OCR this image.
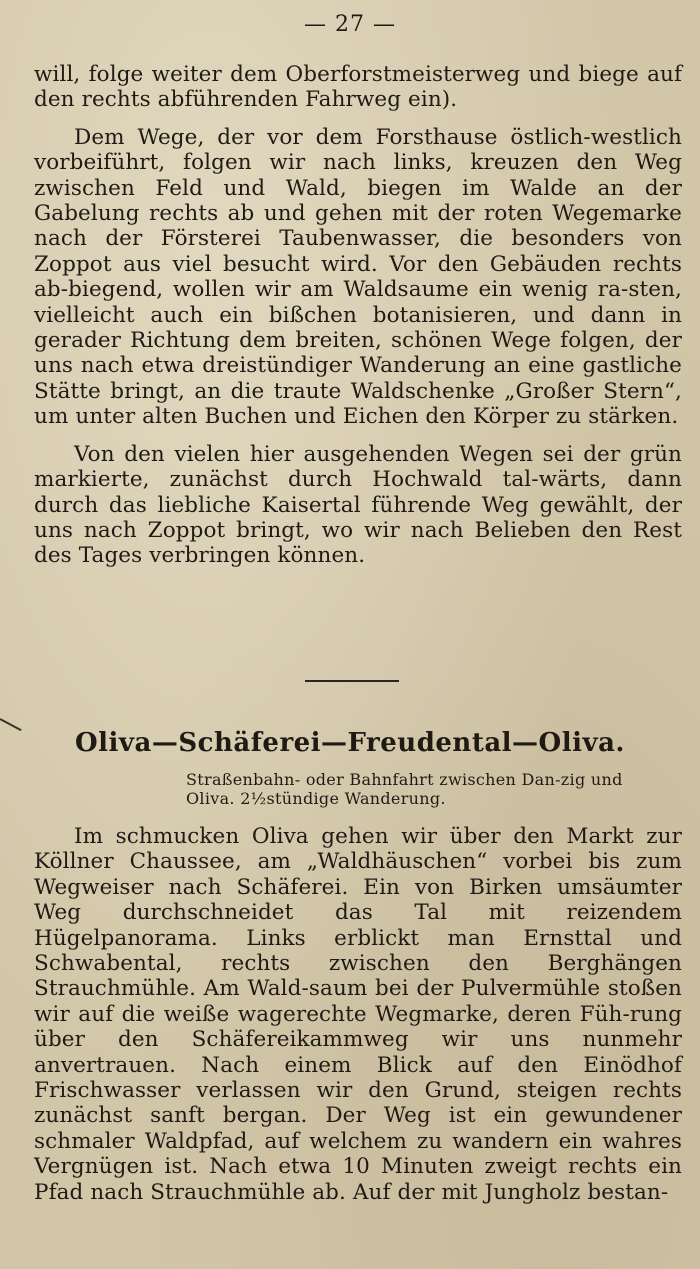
— 27 —

will, folge weiter dem Oberforstmeisterweg und biege auf den rechts abführenden Fahrweg ein).

Dem Wege, der vor dem Forsthause östlich-westlich vorbeiführt, folgen wir nach links, kreuzen den Weg zwischen Feld und Wald, biegen im Walde an der Gabelung rechts ab und gehen mit der roten Wegemarke nach der Försterei Taubenwasser, die besonders von Zoppot aus viel besucht wird. Vor den Gebäuden rechts ab-biegend, wollen wir am Waldsaume ein wenig ra-sten, vielleicht auch ein bißchen botanisieren, und dann in gerader Richtung dem breiten, schönen Wege folgen, der uns nach etwa dreistündiger Wanderung an eine gastliche Stätte bringt, an die traute Waldschenke „Großer Stern“, um unter alten Buchen und Eichen den Körper zu stärken.

Von den vielen hier ausgehenden Wegen sei der grün markierte, zunächst durch Hochwald tal-wärts, dann durch das liebliche Kaisertal führende Weg gewählt, der uns nach Zoppot bringt, wo wir nach Belieben den Rest des Tages verbringen können.

Oliva—Schäferei—Freudental—Oliva.
Straßenbahn- oder Bahnfahrt zwischen Dan-zig und Oliva. 2½stündige Wanderung.

Im schmucken Oliva gehen wir über den Markt zur Köllner Chaussee, am „Waldhäuschen“ vorbei bis zum Wegweiser nach Schäferei. Ein von Birken umsäumter Weg durchschneidet das Tal mit reizendem Hügelpanorama. Links erblickt man Ernsttal und Schwabental, rechts zwischen den Berghängen Strauchmühle. Am Wald-saum bei der Pulvermühle stoßen wir auf die weiße wagerechte Wegmarke, deren Füh-rung über den Schäfereikammweg wir uns nunmehr anvertrauen. Nach einem Blick auf den Einödhof Frischwasser verlassen wir den Grund, steigen rechts zunächst sanft bergan. Der Weg ist ein gewundener schmaler Waldpfad, auf welchem zu wandern ein wahres Vergnügen ist. Nach etwa 10 Minuten zweigt rechts ein Pfad nach Strauchmühle ab. Auf der mit Jungholz bestan-
